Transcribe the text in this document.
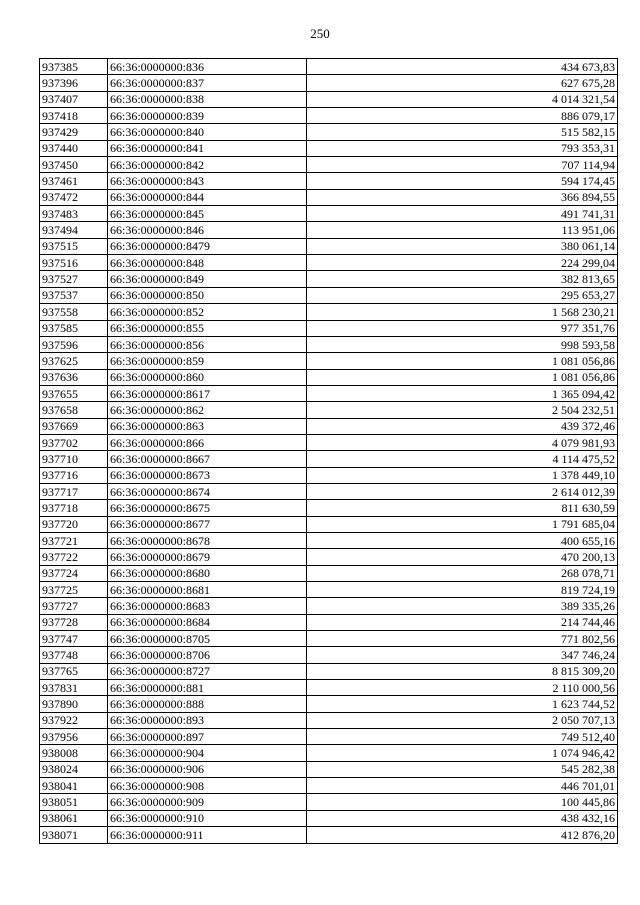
250
937385	66:36:0000000:836	434 673,83
937396	66:36:0000000:837	627 675,28
937407	66:36:0000000:838	4 014 321,54
937418	66:36:0000000:839	886 079,17
937429	66:36:0000000:840	515 582,15
937440	66:36:0000000:841	793 353,31
937450	66:36:0000000:842	707 114,94
937461	66:36:0000000:843	594 174,45
937472	66:36:0000000:844	366 894,55
937483	66:36:0000000:845	491 741,31
937494	66:36:0000000:846	113 951,06
937515	66:36:0000000:8479	380 061,14
937516	66:36:0000000:848	224 299,04
937527	66:36:0000000:849	382 813,65
937537	66:36:0000000:850	295 653,27
937558	66:36:0000000:852	1 568 230,21
937585	66:36:0000000:855	977 351,76
937596	66:36:0000000:856	998 593,58
937625	66:36:0000000:859	1 081 056,86
937636	66:36:0000000:860	1 081 056,86
937655	66:36:0000000:8617	1 365 094,42
937658	66:36:0000000:862	2 504 232,51
937669	66:36:0000000:863	439 372,46
937702	66:36:0000000:866	4 079 981,93
937710	66:36:0000000:8667	4 114 475,52
937716	66:36:0000000:8673	1 378 449,10
937717	66:36:0000000:8674	2 614 012,39
937718	66:36:0000000:8675	811 630,59
937720	66:36:0000000:8677	1 791 685,04
937721	66:36:0000000:8678	400 655,16
937722	66:36:0000000:8679	470 200,13
937724	66:36:0000000:8680	268 078,71
937725	66:36:0000000:8681	819 724,19
937727	66:36:0000000:8683	389 335,26
937728	66:36:0000000:8684	214 744,46
937747	66:36:0000000:8705	771 802,56
937748	66:36:0000000:8706	347 746,24
937765	66:36:0000000:8727	8 815 309,20
937831	66:36:0000000:881	2 110 000,56
937890	66:36:0000000:888	1 623 744,52
937922	66:36:0000000:893	2 050 707,13
937956	66:36:0000000:897	749 512,40
938008	66:36:0000000:904	1 074 946,42
938024	66:36:0000000:906	545 282,38
938041	66:36:0000000:908	446 701,01
938051	66:36:0000000:909	100 445,86
938061	66:36:0000000:910	438 432,16
938071	66:36:0000000:911	412 876,20
